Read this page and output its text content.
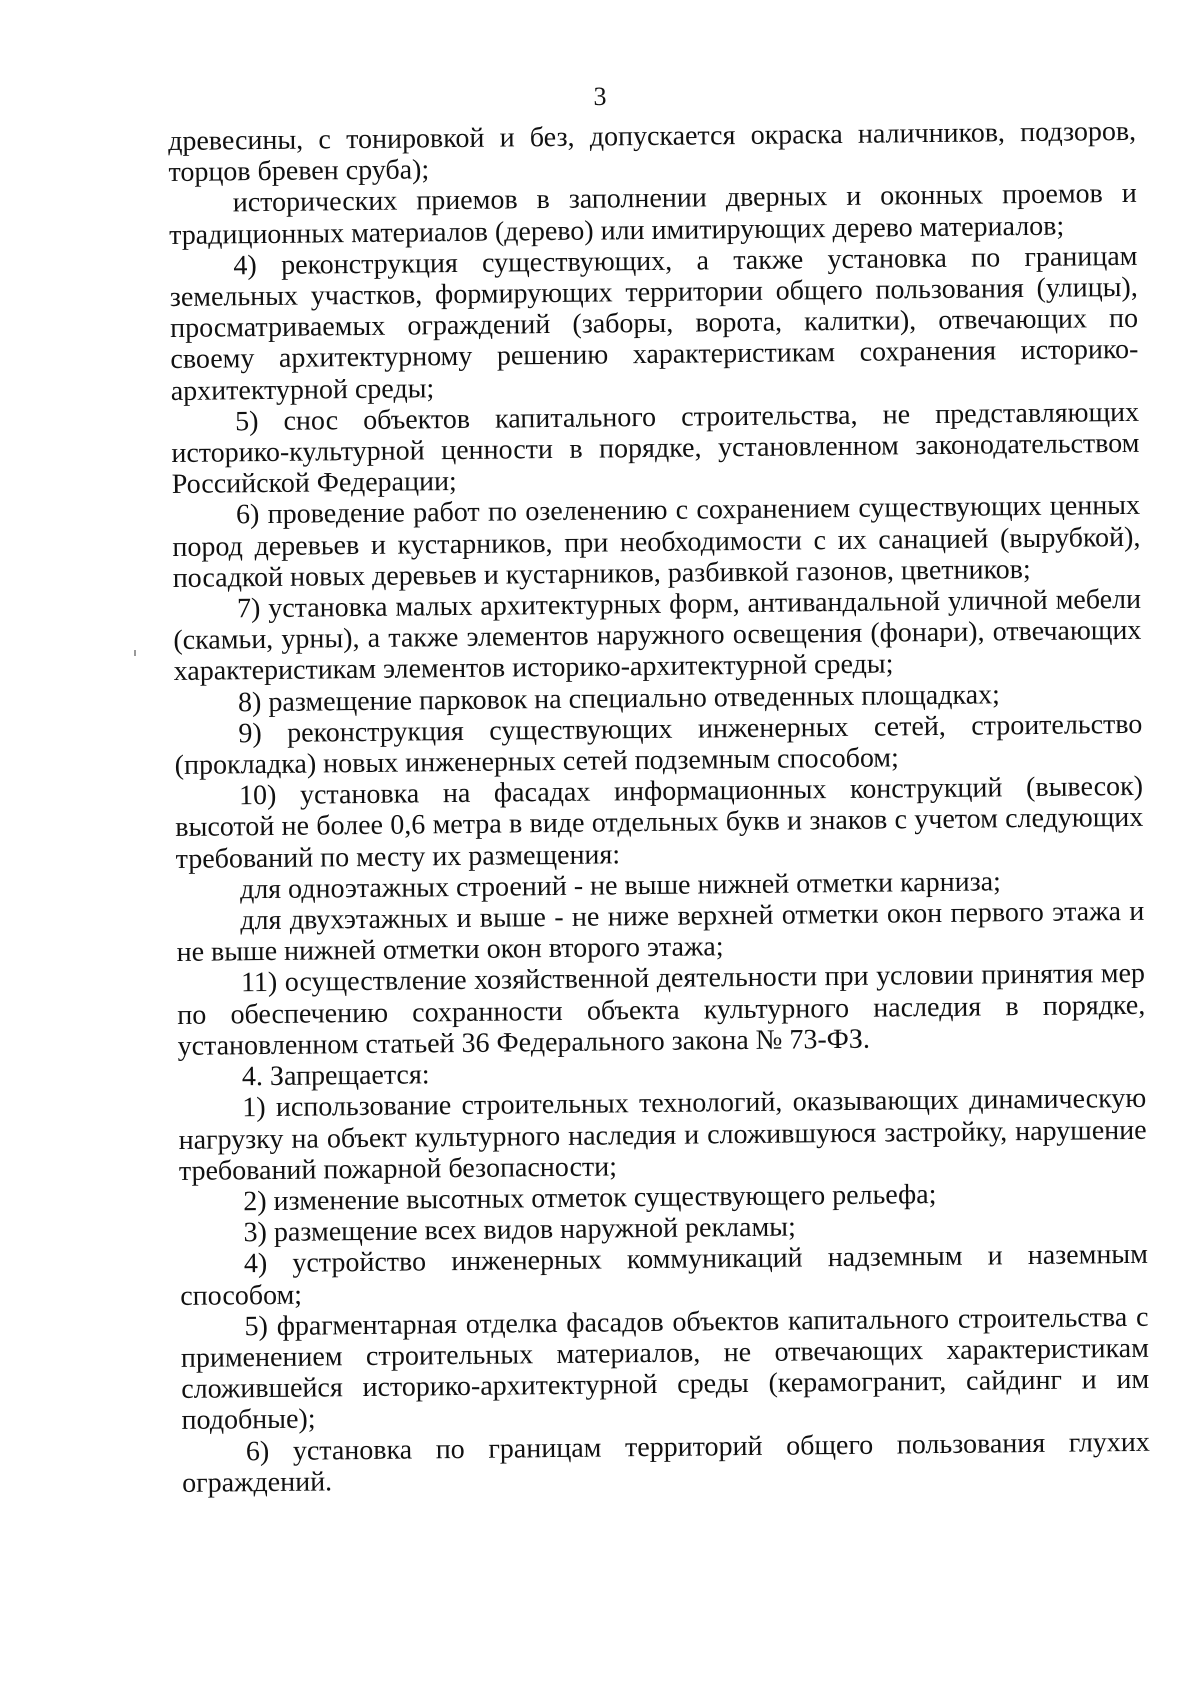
3

древесины, с тонировкой и без, допускается окраска наличников, подзоров, торцов бревен сруба);

исторических приемов в заполнении дверных и оконных проемов и традиционных материалов (дерево) или имитирующих дерево материалов;

4) реконструкция существующих, а также установка по границам земельных участков, формирующих территории общего пользования (улицы), просматриваемых ограждений (заборы, ворота, калитки), отвечающих по своему архитектурному решению характеристикам сохранения историко-архитектурной среды;

5) снос объектов капитального строительства, не представляющих историко-культурной ценности в порядке, установленном законодательством Российской Федерации;

6) проведение работ по озеленению с сохранением существующих ценных пород деревьев и кустарников, при необходимости с их санацией (вырубкой), посадкой новых деревьев и кустарников, разбивкой газонов, цветников;

7) установка малых архитектурных форм, антивандальной уличной мебели (скамьи, урны), а также элементов наружного освещения (фонари), отвечающих характеристикам элементов историко-архитектурной среды;

8) размещение парковок на специально отведенных площадках;

9) реконструкция существующих инженерных сетей, строительство (прокладка) новых инженерных сетей подземным способом;

10) установка на фасадах информационных конструкций (вывесок) высотой не более 0,6 метра в виде отдельных букв и знаков с учетом следующих требований по месту их размещения:

для одноэтажных строений - не выше нижней отметки карниза;

для двухэтажных и выше - не ниже верхней отметки окон первого этажа и не выше нижней отметки окон второго этажа;

11) осуществление хозяйственной деятельности при условии принятия мер по обеспечению сохранности объекта культурного наследия в порядке, установленном статьей 36 Федерального закона № 73-ФЗ.

4. Запрещается:

1) использование строительных технологий, оказывающих динамическую нагрузку на объект культурного наследия и сложившуюся застройку, нарушение требований пожарной безопасности;

2) изменение высотных отметок существующего рельефа;

3) размещение всех видов наружной рекламы;

4) устройство инженерных коммуникаций надземным и наземным способом;

5) фрагментарная отделка фасадов объектов капитального строительства с применением строительных материалов, не отвечающих характеристикам сложившейся историко-архитектурной среды (керамогранит, сайдинг и им подобные);

6) установка по границам территорий общего пользования глухих ограждений.
